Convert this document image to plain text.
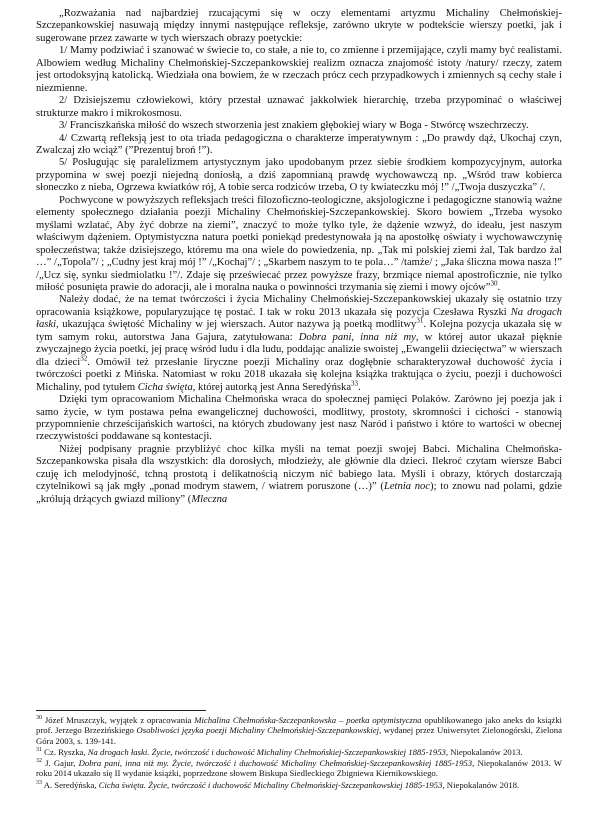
„Rozważania nad najbardziej rzucającymi się w oczy elementami artyzmu Michaliny Chełmońskiej-Szczepankowskiej nasuwają między innymi następujące refleksje, zarówno ukryte w podtekście wierszy poetki, jak i sugerowane przez zawarte w tych wierszach obrazy poetyckie:

1/ Mamy podziwiać i szanować w świecie to, co stałe, a nie to, co zmienne i przemijające, czyli mamy być realistami. Albowiem według Michaliny Chełmońskiej-Szczepankowskiej realizm oznacza znajomość istoty /natury/ rzeczy, zatem jest ortodoksyjną katolicką. Wiedziała ona bowiem, że w rzeczach prócz cech przypadkowych i zmiennych są cechy stałe i niezmienne.

2/ Dzisiejszemu człowiekowi, który przestał uznawać jakkolwiek hierarchię, trzeba przypominać o właściwej strukturze makro i mikrokosmosu.

3/ Franciszkańska miłość do wszech stworzenia jest znakiem głębokiej wiary w Boga - Stwórcę wszechrzeczy.

4/ Czwartą refleksją jest to ota triada pedagogiczna o charakterze imperatywnym : „Do prawdy dąż, Ukochaj czyn, Zwalczaj zło wciąż” (”Prezentuj broń !”).

5/ Posługując się paralelizmem artystycznym jako upodobanym przez siebie środkiem kompozycyjnym, autorka przypomina w swej poezji niejedną doniosłą, a dziś zapomnianą prawdę wychowawczą np. „Wśród traw kobierca słoneczko z nieba, Ogrzewa kwiatków rój, A tobie serca rodziców trzeba, O ty kwiateczku mój !” /„Twoja duszyczka” /.

Pochwycone w powyższych refleksjach treści filozoficzno-teologiczne, aksjologiczne i pedagogiczne stanowią ważne elementy społecznego działania poezji Michaliny Chełmońskiej-Szczepankowskiej. Skoro bowiem „Trzeba wysoko myślami wzlatać, Aby żyć dobrze na ziemi”, znaczyć to może tylko tyle, że dążenie wzwyż, do ideału, jest naszym właściwym dążeniem. Optymistyczna natura poetki poniekąd predestynowała ją na apostołkę oświaty i wychowawczynię społeczeństwa; także dzisiejszego, któremu ma ona wiele do powiedzenia, np. „Tak mi polskiej ziemi żal, Tak bardzo żal …” /„Topola”/ ; „Cudny jest kraj mój !” /„Kochaj”/ ; „Skarbem naszym to te pola…” /tamże/ ; „Jaka śliczna mowa nasza !” /„Ucz się, synku siedmiolatku !”/. Zdaje się przeświecać przez powyższe frazy, brzmiące niemal apostroficznie, nie tylko miłość posunięta prawie do adoracji, ale i moralna nauka o powinności trzymania się ziemi i mowy ojców”$^{30}$.

Należy dodać, że na temat twórczości i życia Michaliny Chełmońskiej-Szczepankowskiej ukazały się ostatnio trzy opracowania książkowe, popularyzujące tę postać. I tak w roku 2013 ukazała się pozycja Czesława Ryszki Na drogach łaski, ukazująca świętość Michaliny w jej wierszach. Autor nazywa ją poetką modlitwy$^{31}$. Kolejna pozycja ukazała się w tym samym roku, autorstwa Jana Gajura, zatytułowana: Dobra pani, inna niż my, w której autor ukazał pięknie zwyczajnego życia poetki, jej pracę wśród ludu i dla ludu, poddając analizie swoistej „Ewangelii dziecięctwa” w wierszach dla dzieci$^{32}$. Omówił też przesłanie liryczne poezji Michaliny oraz dogłębnie scharakteryzował duchowość życia i twórczości poetki z Mińska. Natomiast w roku 2018 ukazała się kolejna książka traktująca o życiu, poezji i duchowości Michaliny, pod tytułem Cicha święta, której autorką jest Anna Seredýńska$^{33}$.

Dzięki tym opracowaniom Michalina Chełmońska wraca do społecznej pamięci Polaków. Zarówno jej poezja jak i samo życie, w tym postawa pełna ewangelicznej duchowości, modlitwy, prostoty, skromności i cichości - stanowią przypomnienie chrześcijańskich wartości, na których zbudowany jest nasz Naród i państwo i które to wartości w obecnej rzeczywistości poddawane są kontestacji.

Niżej podpisany pragnie przybliżyć choc kilka myśli na temat poezji swojej Babci. Michalina Chełmońska-Szczepankowska pisała dla wszystkich: dla dorosłych, młodzieży, ale głównie dla dzieci. Ilekroć czytam wiersze Babci czuję ich melodyjność, tchną prostotą i delikatnością niczym nić babiego lata. Myśli i obrazy, których dostarczają czytelnikowi są jak mgły „ponad modrym stawem, / wiatrem poruszone (…)” (Letnia noc); to znowu nad polami, gdzie „królują drżących gwiazd miliony” (Mleczna

$^{30}$ Józef Mruszczyk, wyjątek z opracowania Michalina Chełmońska-Szczepankowska – poetka optymistyczna opublikowanego jako aneks do książki prof. Jerzego Brzezińskiego Osobliwości języka poezji Michaliny Chełmońskiej-Szczepankowskiej, wydanej przez Uniwersytet Zielonogórski, Zielona Góra 2003, s. 139-141.

$^{31}$ Cz. Ryszka, Na drogach łaski. Życie, twórczość i duchowość Michaliny Chełmońskiej-Szczepankowskiej 1885-1953, Niepokalanów 2013.

$^{32}$ J. Gajur, Dobra pani, inna niż my. Życie, twórczość i duchowość Michaliny Chełmońskiej-Szczepankowskiej 1885-1953, Niepokalanów 2013. W roku 2014 ukazało się II wydanie książki, poprzedzone słowem Biskupa Siedleckiego Zbigniewa Kiernikowskiego.

$^{33}$ A. Seredýńska, Cicha święta. Życie, twórczość i duchowość Michaliny Chełmońskiej-Szczepankowskiej 1885-1953, Niepokalanów 2018.
